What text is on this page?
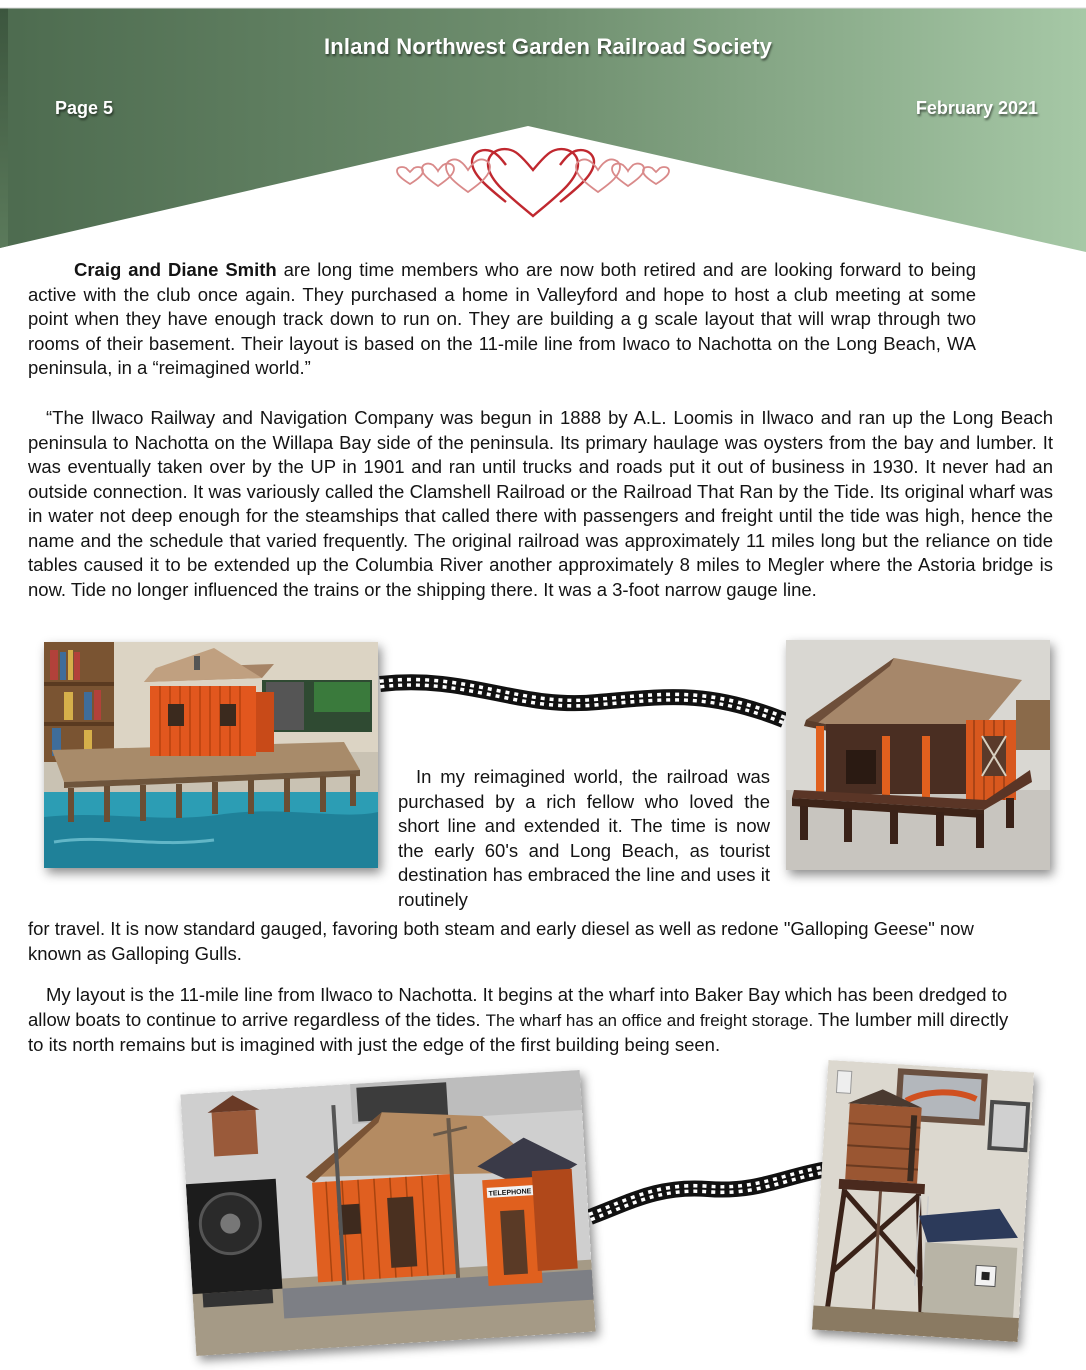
Inland Northwest Garden Railroad Society
Page 5	February 2021

Craig and Diane Smith are long time members who are now both retired and are looking forward to being active with the club once again. They purchased a home in Valleyford and hope to host a club meeting at some point when they have enough track down to run on. They are building a g scale layout that will wrap through two rooms of their basement. Their layout is based on the 11-mile line from Iwaco to Nachotta on the Long Beach, WA peninsula, in a “reimagined world.”

“The Ilwaco Railway and Navigation Company was begun in 1888 by A.L. Loomis in Ilwaco and ran up the Long Beach peninsula to Nachotta on the Willapa Bay side of the peninsula. Its primary haulage was oysters from the bay and lumber. It was eventually taken over by the UP in 1901 and ran until trucks and roads put it out of business in 1930. It never had an outside connection. It was variously called the Clamshell Railroad or the Railroad That Ran by the Tide. Its original wharf was in water not deep enough for the steamships that called there with passengers and freight until the tide was high, hence the name and the schedule that varied frequently. The original railroad was approximately 11 miles long but the reliance on tide tables caused it to be extended up the Columbia River another approximately 8 miles to Megler where the Astoria bridge is now. Tide no longer influenced the trains or the shipping there. It was a 3-foot narrow gauge line.

In my reimagined world, the railroad was purchased by a rich fellow who loved the short line and extended it. The time is now the early 60's and Long Beach, as tourist destination has embraced the line and uses it routinely

for travel. It is now standard gauged, favoring both steam and early diesel as well as redone "Galloping Geese" now known as Galloping Gulls.

My layout is the 11-mile line from Ilwaco to Nachotta. It begins at the wharf into Baker Bay which has been dredged to allow boats to continue to arrive regardless of the tides. The wharf has an office and freight storage. The lumber mill directly to its north remains but is imagined with just the edge of the first building being seen.

TELEPHONE
